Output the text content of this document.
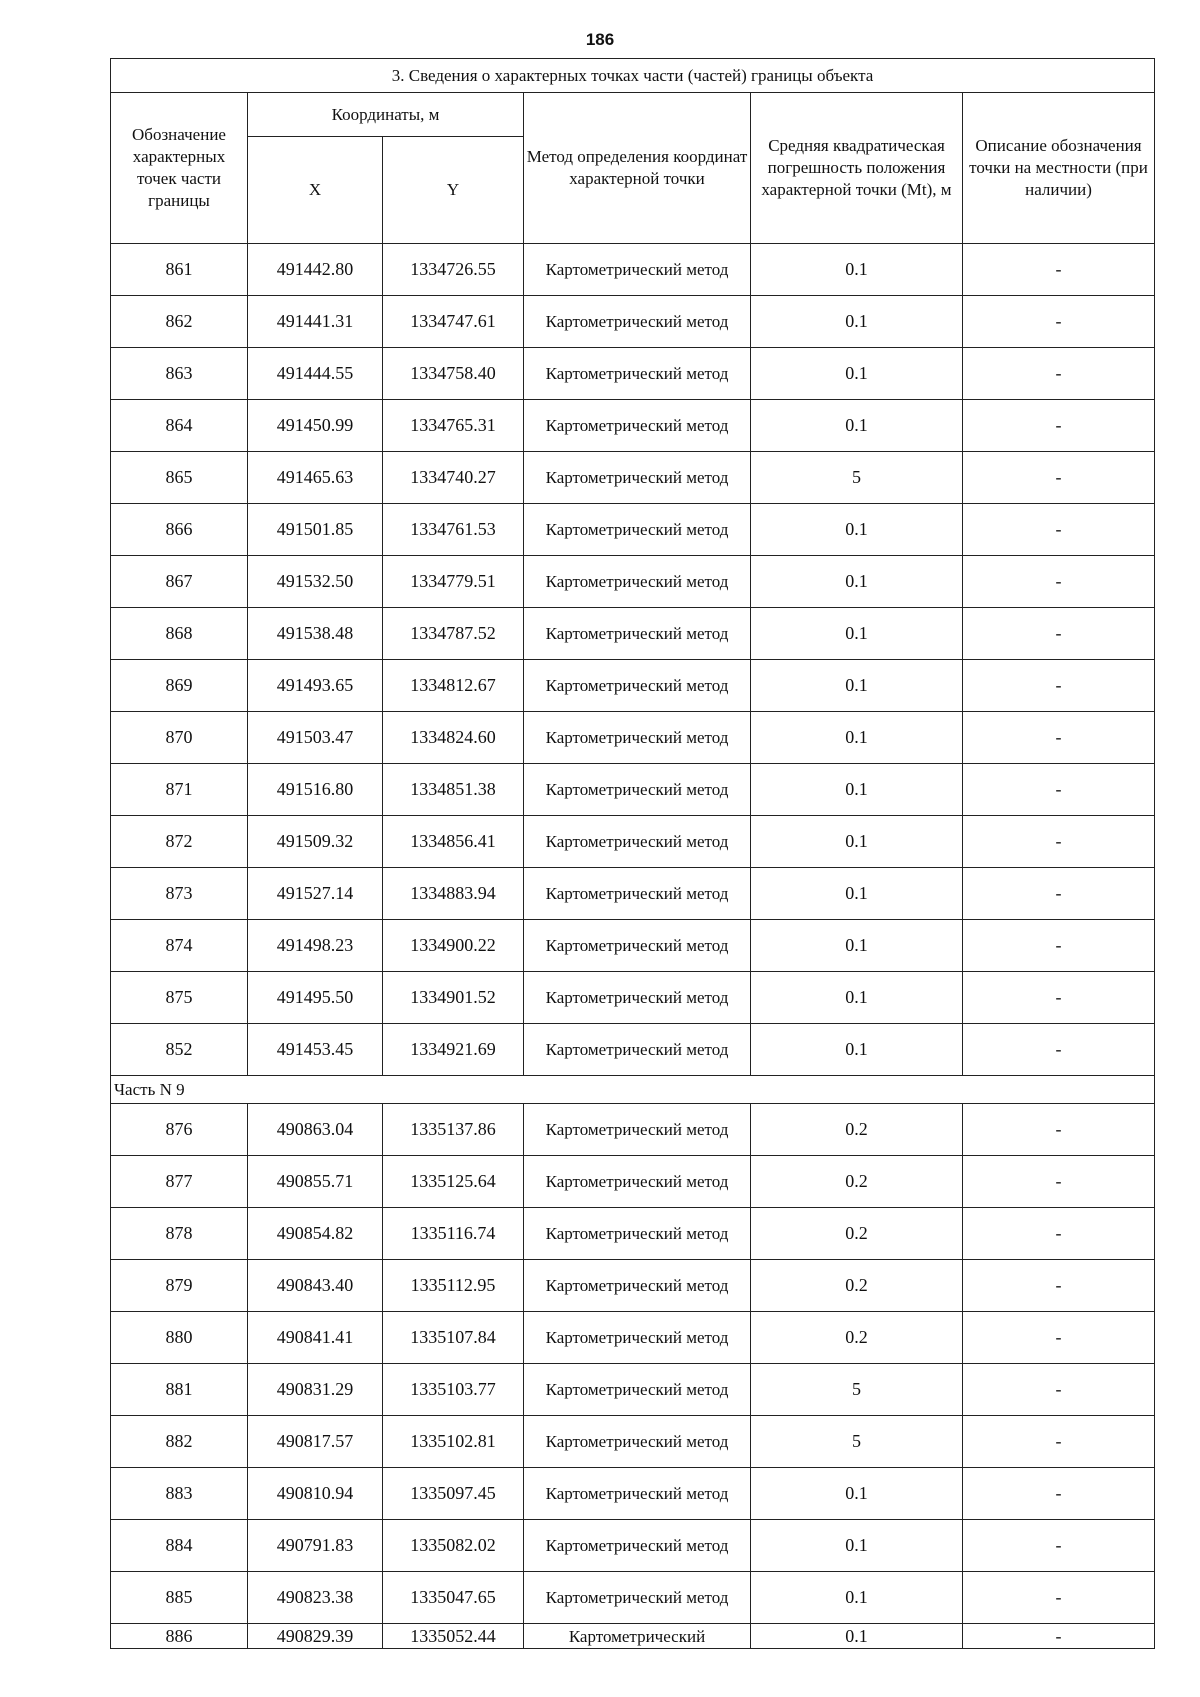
186
3. Сведения о характерных точках части (частей) границы объекта					
Обозначение характерных точек части границы	Координаты, м		Метод определения координат характерной точки	Средняя квадратическая погрешность положения характерной точки (Mt), м	Описание обозначения точки на местности (при наличии)
	X	Y			
861	491442.80	1334726.55	Картометрический метод	0.1	-
862	491441.31	1334747.61	Картометрический метод	0.1	-
863	491444.55	1334758.40	Картометрический метод	0.1	-
864	491450.99	1334765.31	Картометрический метод	0.1	-
865	491465.63	1334740.27	Картометрический метод	5	-
866	491501.85	1334761.53	Картометрический метод	0.1	-
867	491532.50	1334779.51	Картометрический метод	0.1	-
868	491538.48	1334787.52	Картометрический метод	0.1	-
869	491493.65	1334812.67	Картометрический метод	0.1	-
870	491503.47	1334824.60	Картометрический метод	0.1	-
871	491516.80	1334851.38	Картометрический метод	0.1	-
872	491509.32	1334856.41	Картометрический метод	0.1	-
873	491527.14	1334883.94	Картометрический метод	0.1	-
874	491498.23	1334900.22	Картометрический метод	0.1	-
875	491495.50	1334901.52	Картометрический метод	0.1	-
852	491453.45	1334921.69	Картометрический метод	0.1	-
Часть N 9					
876	490863.04	1335137.86	Картометрический метод	0.2	-
877	490855.71	1335125.64	Картометрический метод	0.2	-
878	490854.82	1335116.74	Картометрический метод	0.2	-
879	490843.40	1335112.95	Картометрический метод	0.2	-
880	490841.41	1335107.84	Картометрический метод	0.2	-
881	490831.29	1335103.77	Картометрический метод	5	-
882	490817.57	1335102.81	Картометрический метод	5	-
883	490810.94	1335097.45	Картометрический метод	0.1	-
884	490791.83	1335082.02	Картометрический метод	0.1	-
885	490823.38	1335047.65	Картометрический метод	0.1	-
886	490829.39	1335052.44	Картометрический	0.1	-
